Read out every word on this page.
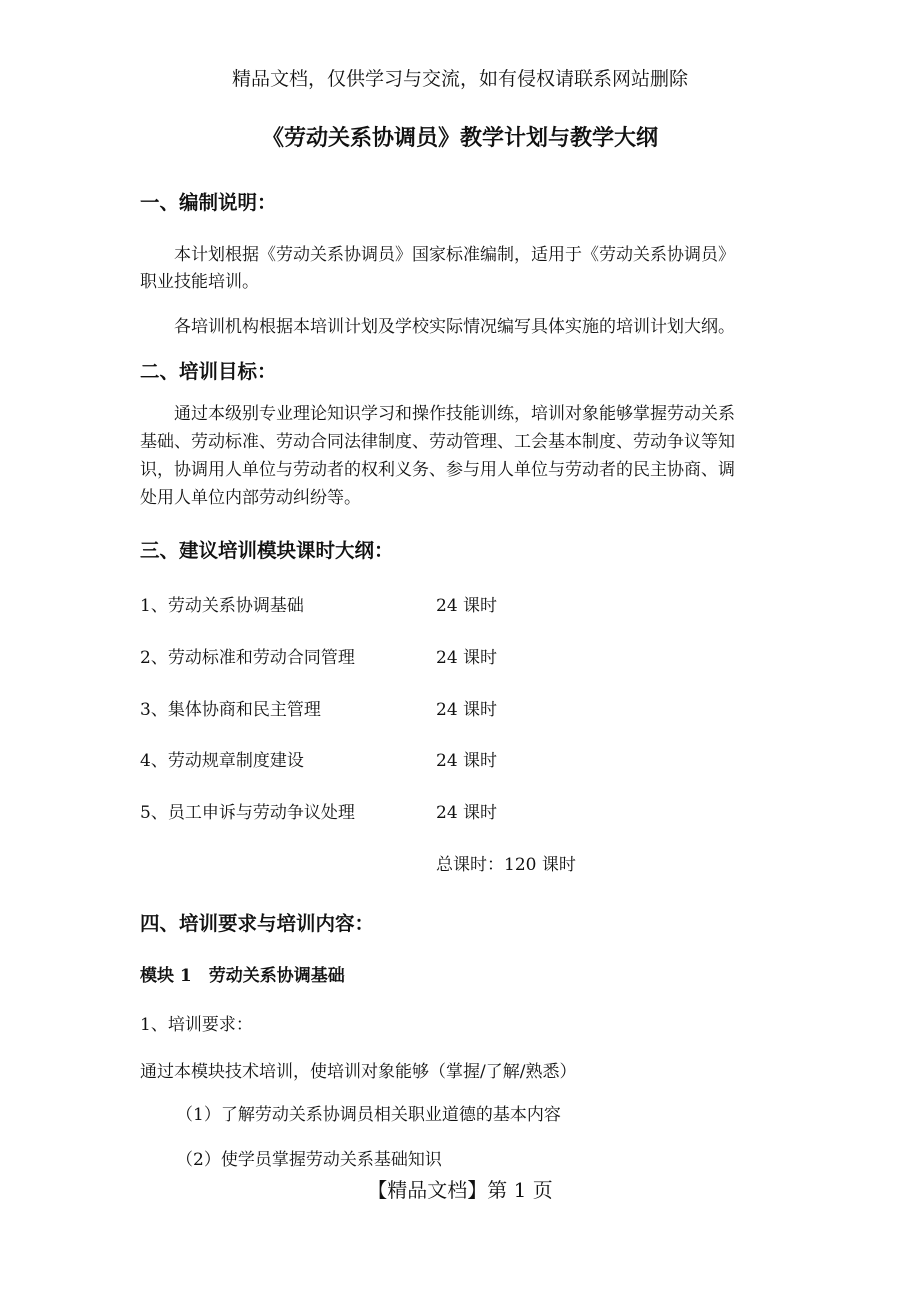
精品文档，仅供学习与交流，如有侵权请联系网站删除
《劳动关系协调员》教学计划与教学大纲
一、编制说明：
本计划根据《劳动关系协调员》国家标准编制，适用于《劳动关系协调员》
职业技能培训。
各培训机构根据本培训计划及学校实际情况编写具体实施的培训计划大纲。
二、培训目标：
通过本级别专业理论知识学习和操作技能训练，培训对象能够掌握劳动关系
基础、劳动标准、劳动合同法律制度、劳动管理、工会基本制度、劳动争议等知
识，协调用人单位与劳动者的权利义务、参与用人单位与劳动者的民主协商、调
处用人单位内部劳动纠纷等。
三、建议培训模块课时大纲：
1、劳动关系协调基础	24 课时
2、劳动标准和劳动合同管理	24 课时
3、集体协商和民主管理	24 课时
4、劳动规章制度建设	24 课时
5、员工申诉与劳动争议处理	24 课时
总课时：120 课时
四、培训要求与培训内容：
模块 1　劳动关系协调基础
1、培训要求：
通过本模块技术培训，使培训对象能够（掌握/了解/熟悉）
（1）了解劳动关系协调员相关职业道德的基本内容
（2）使学员掌握劳动关系基础知识
【精品文档】第 1 页
